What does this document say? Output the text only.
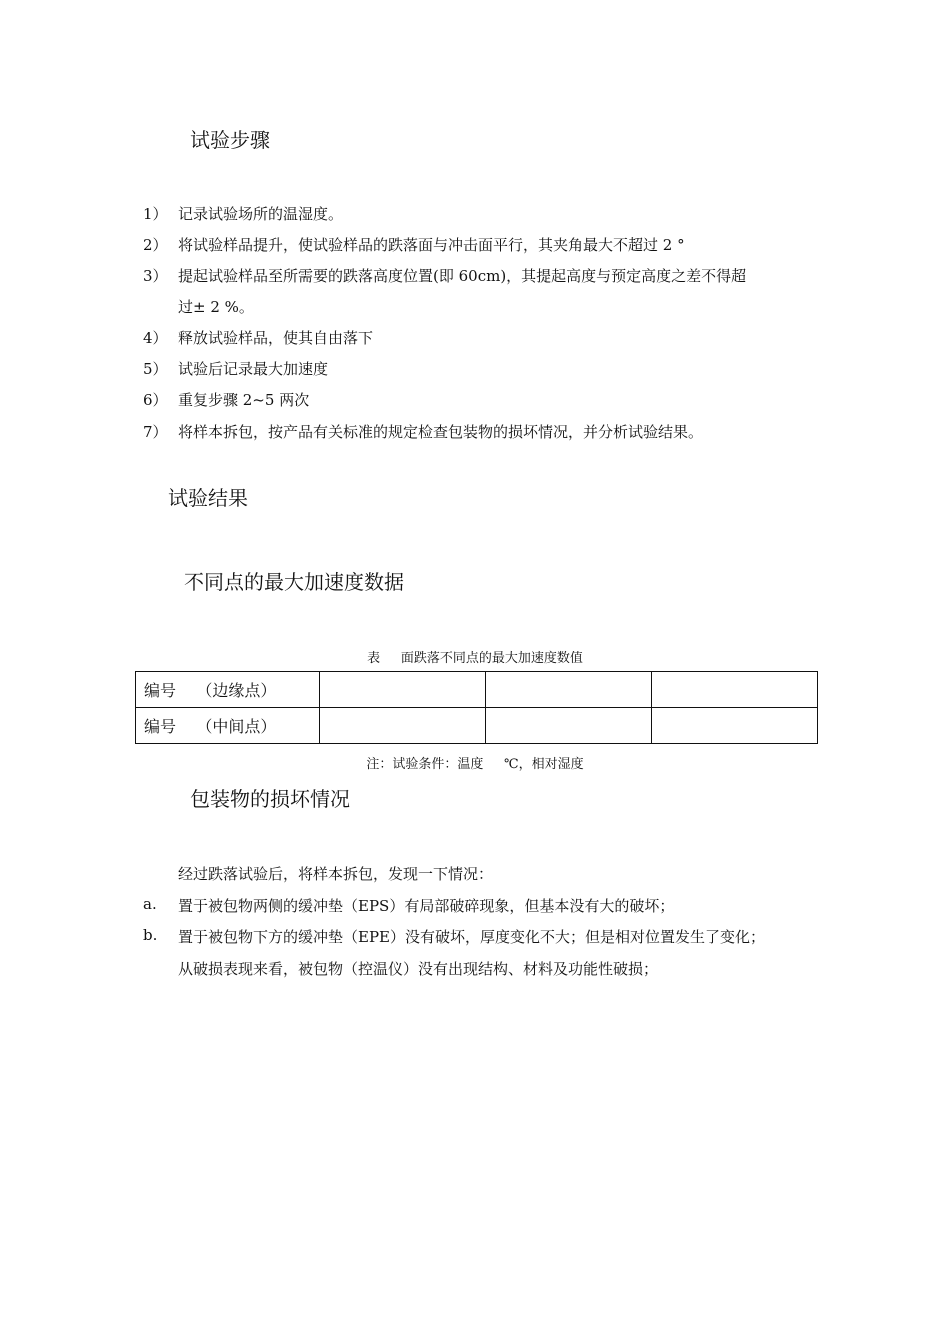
试验步骤
1） 记录试验场所的温湿度。
2） 将试验样品提升，使试验样品的跌落面与冲击面平行，其夹角最大不超过 2 °
3） 提起试验样品至所需要的跌落高度位置(即 60cm)，其提起高度与预定高度之差不得超
过± 2 %。
4） 释放试验样品，使其自由落下
5） 试验后记录最大加速度
6） 重复步骤 2~5 两次
7） 将样本拆包，按产品有关标准的规定检查包装物的损坏情况，并分析试验结果。
试验结果
不同点的最大加速度数据
表     面跌落不同点的最大加速度数值
编号    （边缘点）			
编号    （中间点）			
注：试验条件：温度     ℃，相对湿度
包装物的损坏情况
经过跌落试验后，将样本拆包，发现一下情况：
a. 置于被包物两侧的缓冲垫（EPS）有局部破碎现象，但基本没有大的破坏；
b. 置于被包物下方的缓冲垫（EPE）没有破坏，厚度变化不大；但是相对位置发生了变化；
从破损表现来看，被包物（控温仪）没有出现结构、材料及功能性破损；
